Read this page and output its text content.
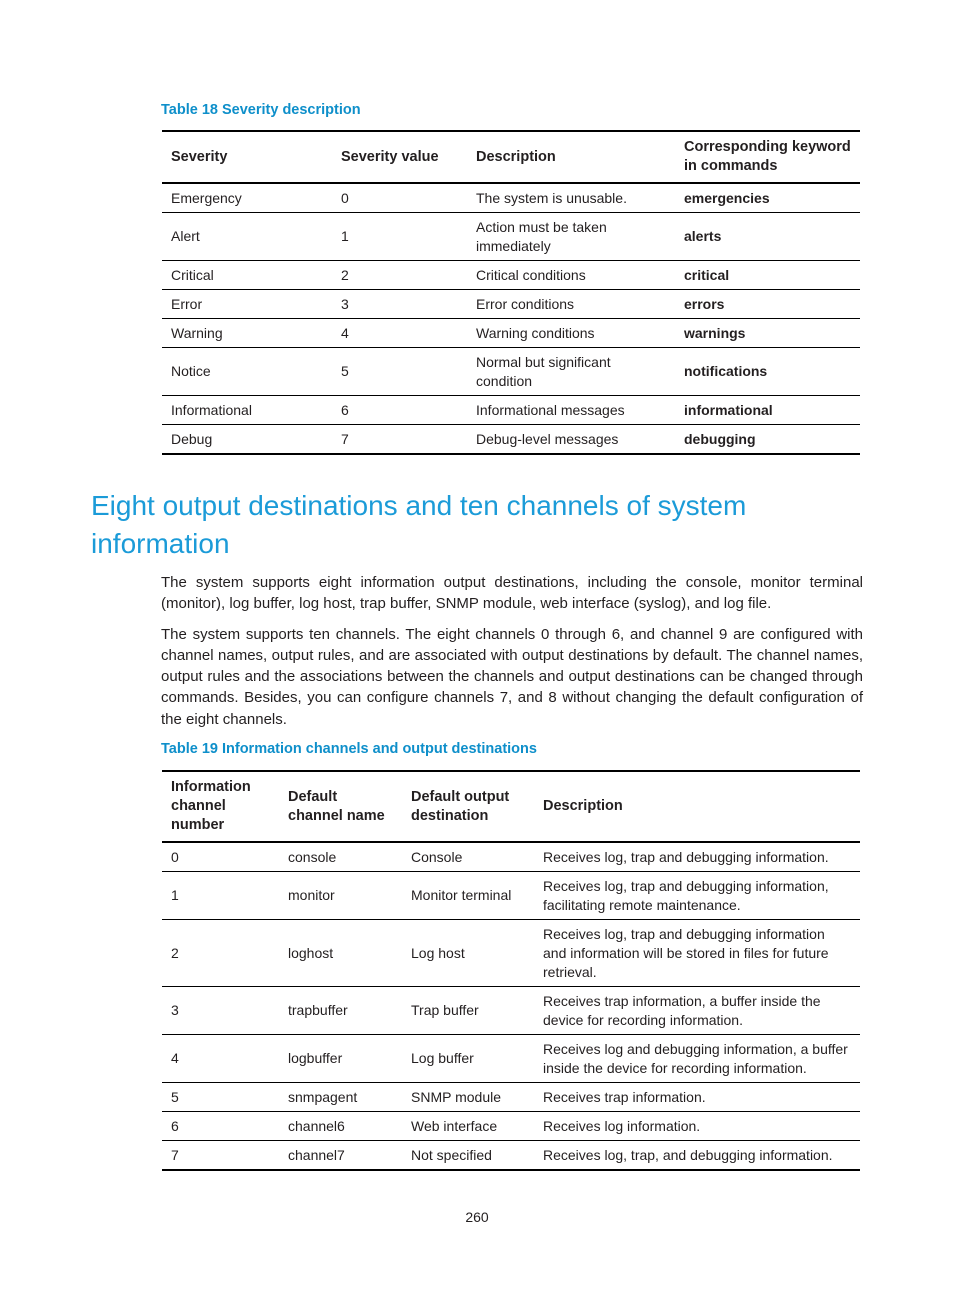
Table 18 Severity description

Severity	Severity value	Description	Corresponding keyword in commands
Emergency	0	The system is unusable.	emergencies
Alert	1	Action must be taken immediately	alerts
Critical	2	Critical conditions	critical
Error	3	Error conditions	errors
Warning	4	Warning conditions	warnings
Notice	5	Normal but significant condition	notifications
Informational	6	Informational messages	informational
Debug	7	Debug-level messages	debugging
Eight output destinations and ten channels of system information

The system supports eight information output destinations, including the console, monitor terminal (monitor), log buffer, log host, trap buffer, SNMP module, web interface (syslog), and log file.

The system supports ten channels. The eight channels 0 through 6, and channel 9 are configured with channel names, output rules, and are associated with output destinations by default. The channel names, output rules and the associations between the channels and output destinations can be changed through commands. Besides, you can configure channels 7, and 8 without changing the default configuration of the eight channels.

Table 19 Information channels and output destinations

Information channel number	Default channel name	Default output destination	Description
0	console	Console	Receives log, trap and debugging information.
1	monitor	Monitor terminal	Receives log, trap and debugging information, facilitating remote maintenance.
2	loghost	Log host	Receives log, trap and debugging information and information will be stored in files for future retrieval.
3	trapbuffer	Trap buffer	Receives trap information, a buffer inside the device for recording information.
4	logbuffer	Log buffer	Receives log and debugging information, a buffer inside the device for recording information.
5	snmpagent	SNMP module	Receives trap information.
6	channel6	Web interface	Receives log information.
7	channel7	Not specified	Receives log, trap, and debugging information.
260
